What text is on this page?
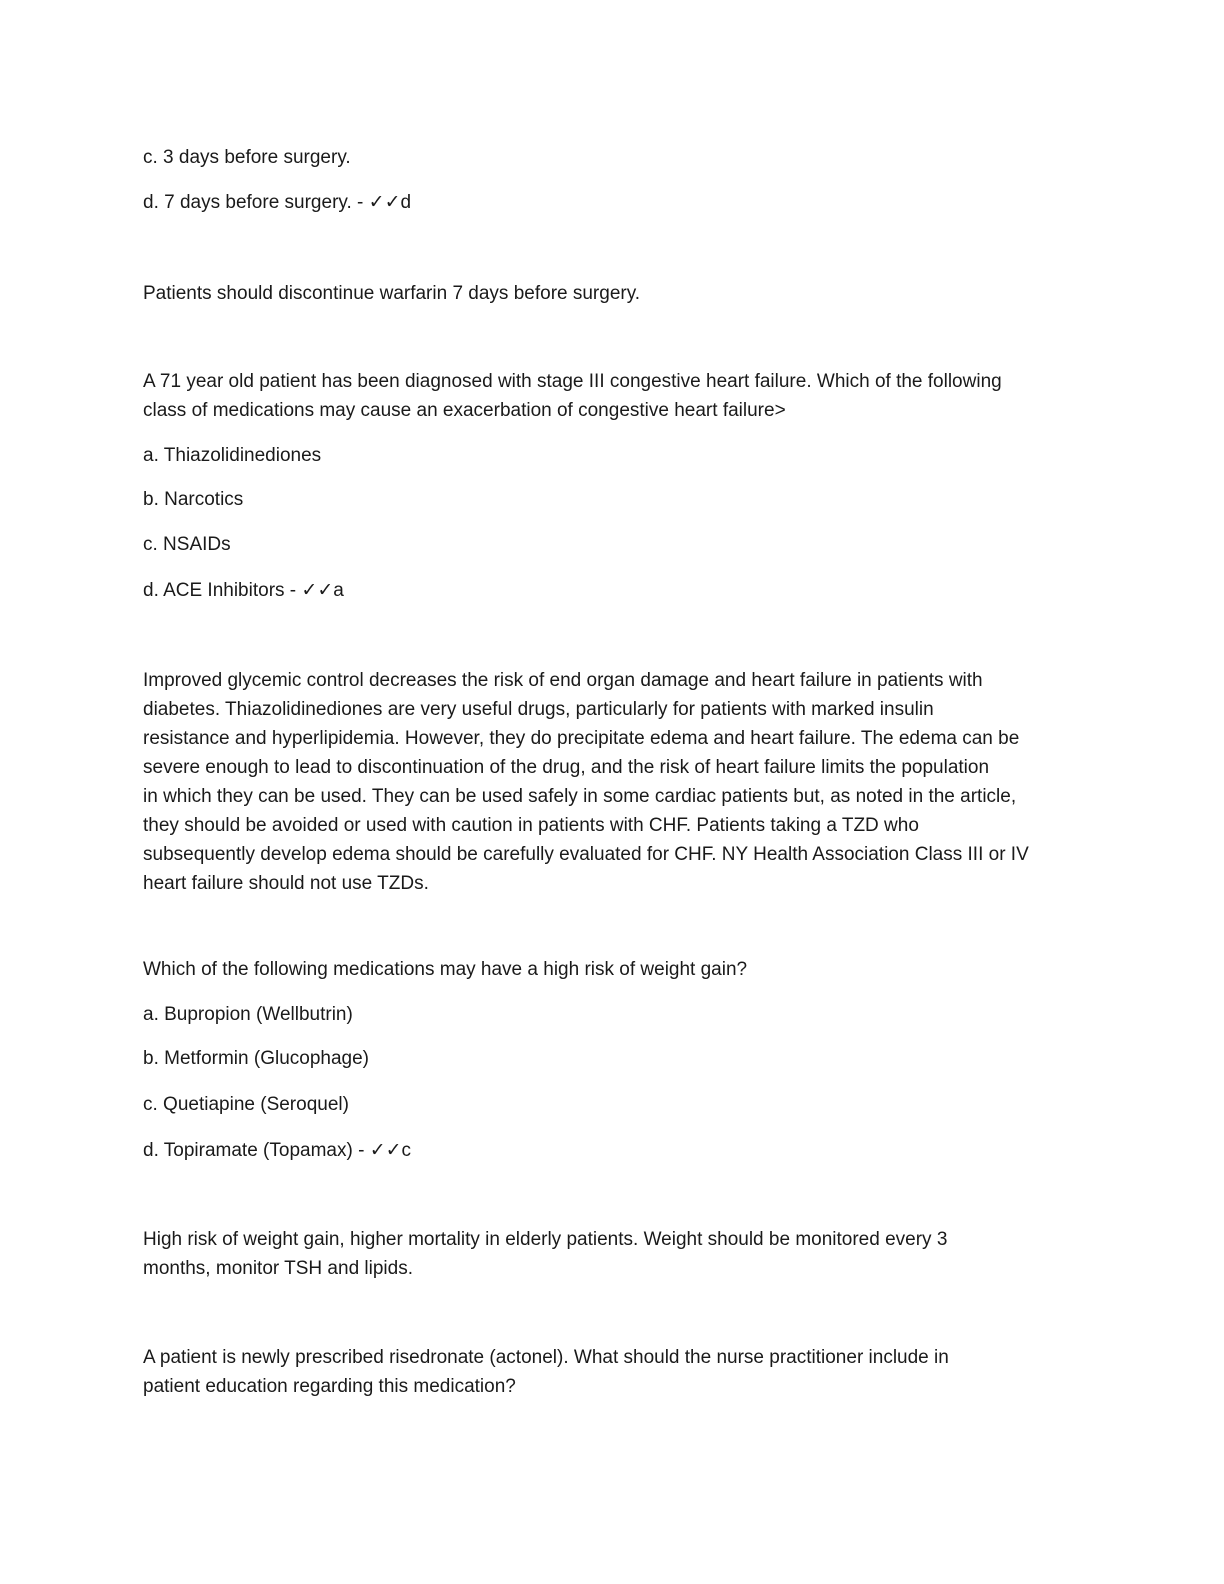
c. 3 days before surgery.

d. 7 days before surgery. - ✓✓d

Patients should discontinue warfarin 7 days before surgery.

A 71 year old patient has been diagnosed with stage III congestive heart failure. Which of the following
class of medications may cause an exacerbation of congestive heart failure>

a. Thiazolidinediones

b. Narcotics

c. NSAIDs

d. ACE Inhibitors - ✓✓a

Improved glycemic control decreases the risk of end organ damage and heart failure in patients with
diabetes. Thiazolidinediones are very useful drugs, particularly for patients with marked insulin
resistance and hyperlipidemia. However, they do precipitate edema and heart failure. The edema can be
severe enough to lead to discontinuation of the drug, and the risk of heart failure limits the population
in which they can be used. They can be used safely in some cardiac patients but, as noted in the article,
they should be avoided or used with caution in patients with CHF. Patients taking a TZD who
subsequently develop edema should be carefully evaluated for CHF. NY Health Association Class III or IV
heart failure should not use TZDs.

Which of the following medications may have a high risk of weight gain?

a. Bupropion (Wellbutrin)

b. Metformin (Glucophage)

c. Quetiapine (Seroquel)

d. Topiramate (Topamax) - ✓✓c

High risk of weight gain, higher mortality in elderly patients. Weight should be monitored every 3
months, monitor TSH and lipids.
A patient is newly prescribed risedronate (actonel). What should the nurse practitioner include in
patient education regarding this medication?
